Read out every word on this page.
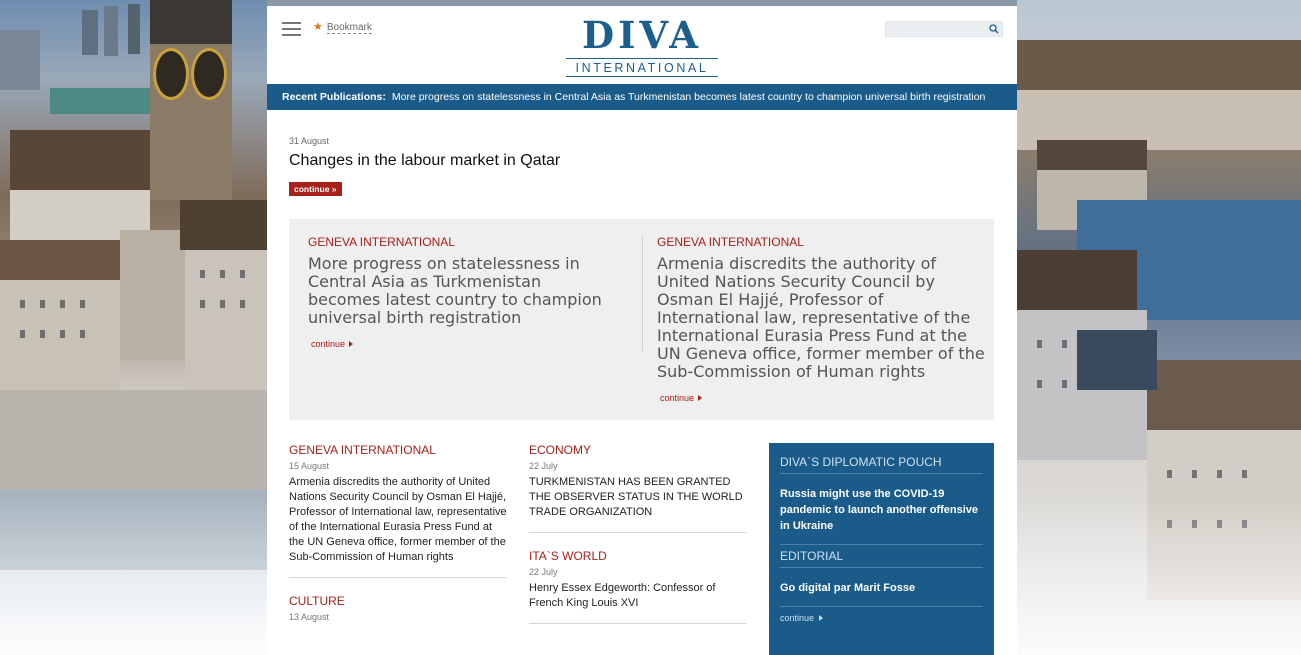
★ Bookmark	DIVA
INTERNATIONAL
Recent Publications: More progress on statelessness in Central Asia as Turkmenistan becomes latest country to champion universal birth registration
31 August
Changes in the labour market in Qatar
continue »
GENEVA INTERNATIONAL
More progress on statelessness in Central Asia as Turkmenistan becomes latest country to champion universal birth registration
continue
GENEVA INTERNATIONAL
Armenia discredits the authority of United Nations Security Council by Osman El Hajjé, Professor of International law, representative of the International Eurasia Press Fund at the UN Geneva office, former member of the Sub-Commission of Human rights
continue
GENEVA INTERNATIONAL
15 August
Armenia discredits the authority of United Nations Security Council by Osman El Hajjé, Professor of International law, representative of the International Eurasia Press Fund at the UN Geneva office, former member of the Sub-Commission of Human rights
CULTURE
13 August
ECONOMY
22 July
TURKMENISTAN HAS BEEN GRANTED THE OBSERVER STATUS IN THE WORLD TRADE ORGANIZATION
ITA`S WORLD
22 July
Henry Essex Edgeworth: Confessor of French King Louis XVI
DIVA`S DIPLOMATIC POUCH
Russia might use the COVID-19 pandemic to launch another offensive in Ukraine
EDITORIAL
Go digital par Marit Fosse
continue
